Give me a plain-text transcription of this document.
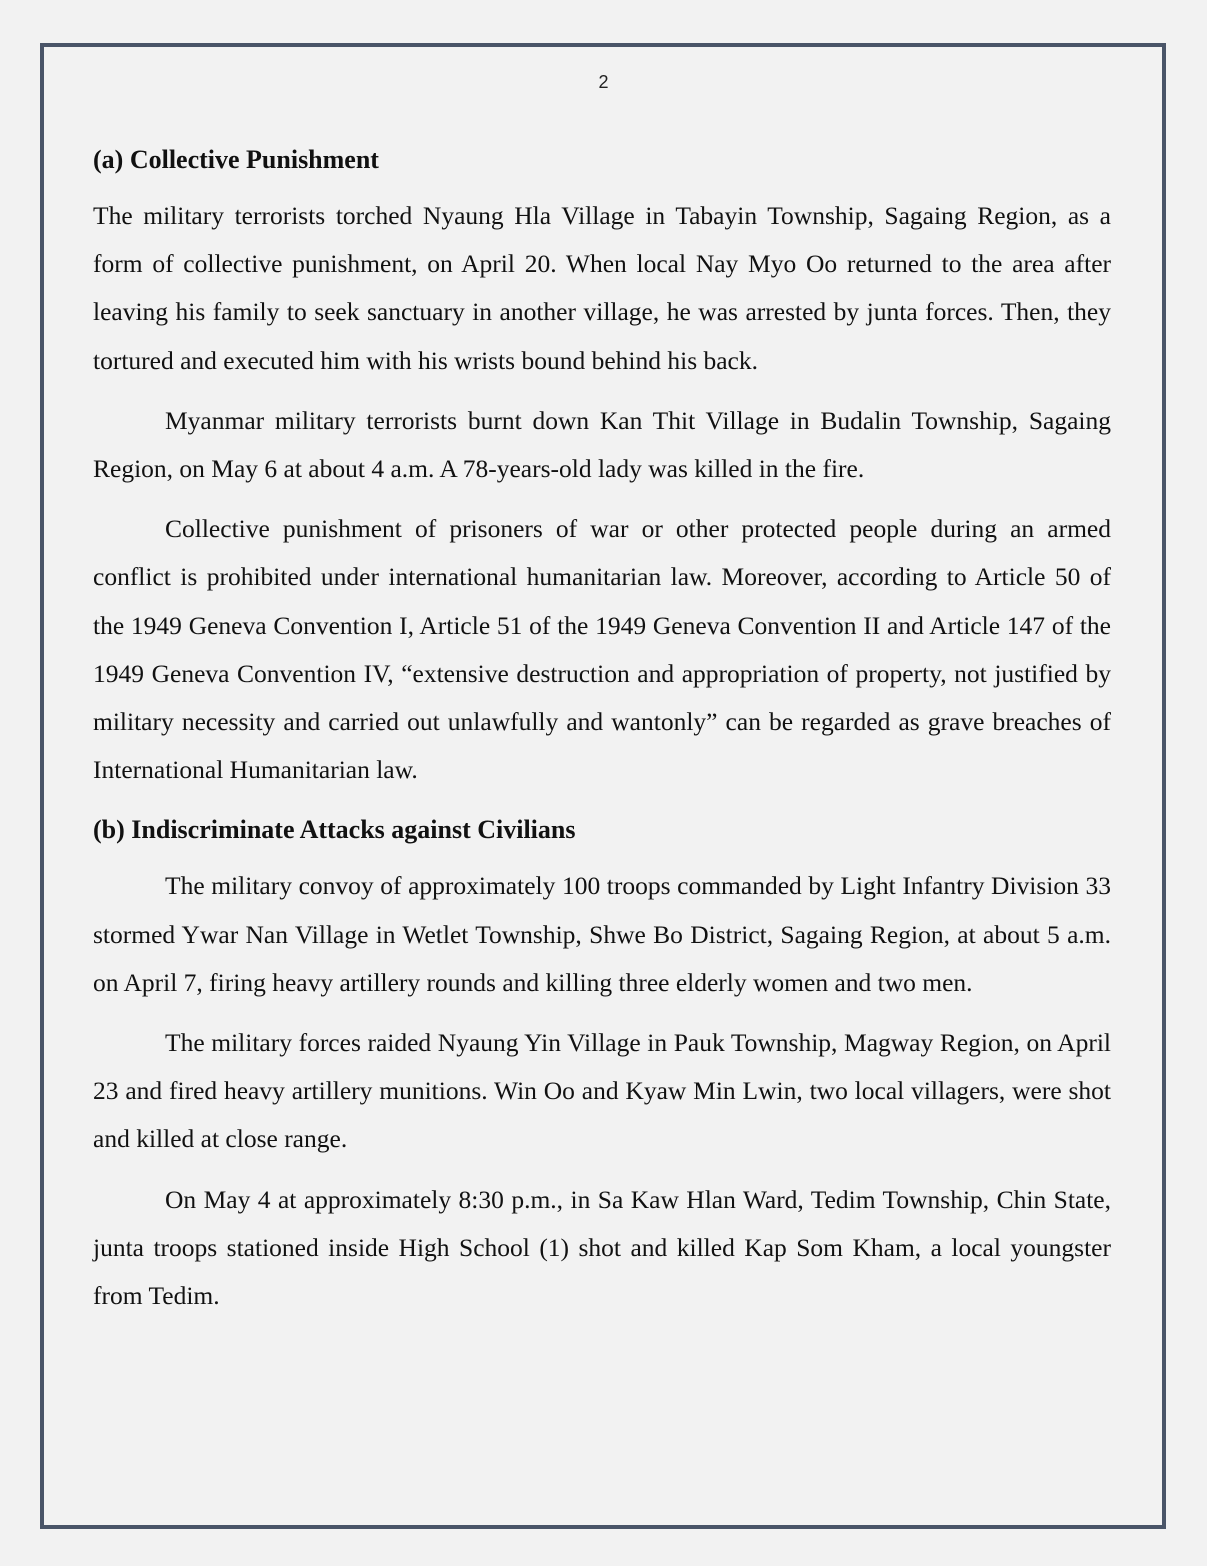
2
(a) Collective Punishment

The military terrorists torched Nyaung Hla Village in Tabayin Township, Sagaing Region, as a form of collective punishment, on April 20. When local Nay Myo Oo returned to the area after leaving his family to seek sanctuary in another village, he was arrested by junta forces. Then, they tortured and executed him with his wrists bound behind his back.

Myanmar military terrorists burnt down Kan Thit Village in Budalin Township, Sagaing Region, on May 6 at about 4 a.m. A 78-years-old lady was killed in the fire.

Collective punishment of prisoners of war or other protected people during an armed conflict is prohibited under international humanitarian law. Moreover, according to Article 50 of the 1949 Geneva Convention I, Article 51 of the 1949 Geneva Convention II and Article 147 of the 1949 Geneva Convention IV, “extensive destruction and appropriation of property, not justified by military necessity and carried out unlawfully and wantonly” can be regarded as grave breaches of International Humanitarian law.

(b) Indiscriminate Attacks against Civilians

The military convoy of approximately 100 troops commanded by Light Infantry Division 33 stormed Ywar Nan Village in Wetlet Township, Shwe Bo District, Sagaing Region, at about 5 a.m. on April 7, firing heavy artillery rounds and killing three elderly women and two men.

The military forces raided Nyaung Yin Village in Pauk Township, Magway Region, on April 23 and fired heavy artillery munitions. Win Oo and Kyaw Min Lwin, two local villagers, were shot and killed at close range.

On May 4 at approximately 8:30 p.m., in Sa Kaw Hlan Ward, Tedim Township, Chin State, junta troops stationed inside High School (1) shot and killed Kap Som Kham, a local youngster from Tedim.
